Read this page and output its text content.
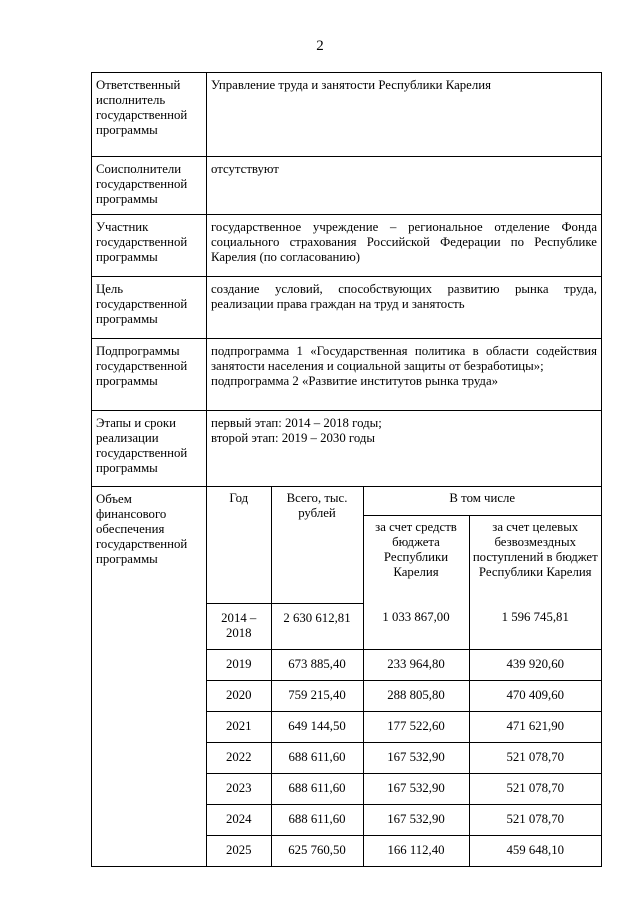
2
Ответственный исполнитель государственной программы	
Управление труда и занятости Республики Карелия

Соисполнители государственной программы	
отсутствуют

Участник государственной программы	
государственное учреждение – региональное отделение Фонда социального страхования Российской Федерации по Республике Карелия (по согласованию)

Цель государственной программы	
создание условий, способствующих развитию рынка труда, реализации права граждан на труд и занятость

Подпрограммы государственной программы	
подпрограмма 1 «Государственная политика в области содействия занятости населения и социальной защиты от безработицы»;
подпрограмма 2 «Развитие институтов рынка труда»

Этапы и сроки реализации государственной программы	
первый этап: 2014 – 2018 годы;
второй этап: 2019 – 2030 годы

Объем финансового обеспечения государственной программы	
Год	Всего, тыс. рублей	В том числе
за счет средств бюджета Республики Карелия	за счет целевых безвозмездных поступлений в бюджет Республики Карелия
2014 – 2018	2 630 612,81	1 033 867,00	1 596 745,81
2019	673 885,40	233 964,80	439 920,60
2020	759 215,40	288 805,80	470 409,60
2021	649 144,50	177 522,60	471 621,90
2022	688 611,60	167 532,90	521 078,70
2023	688 611,60	167 532,90	521 078,70
2024	688 611,60	167 532,90	521 078,70
2025	625 760,50	166 112,40	459 648,10
